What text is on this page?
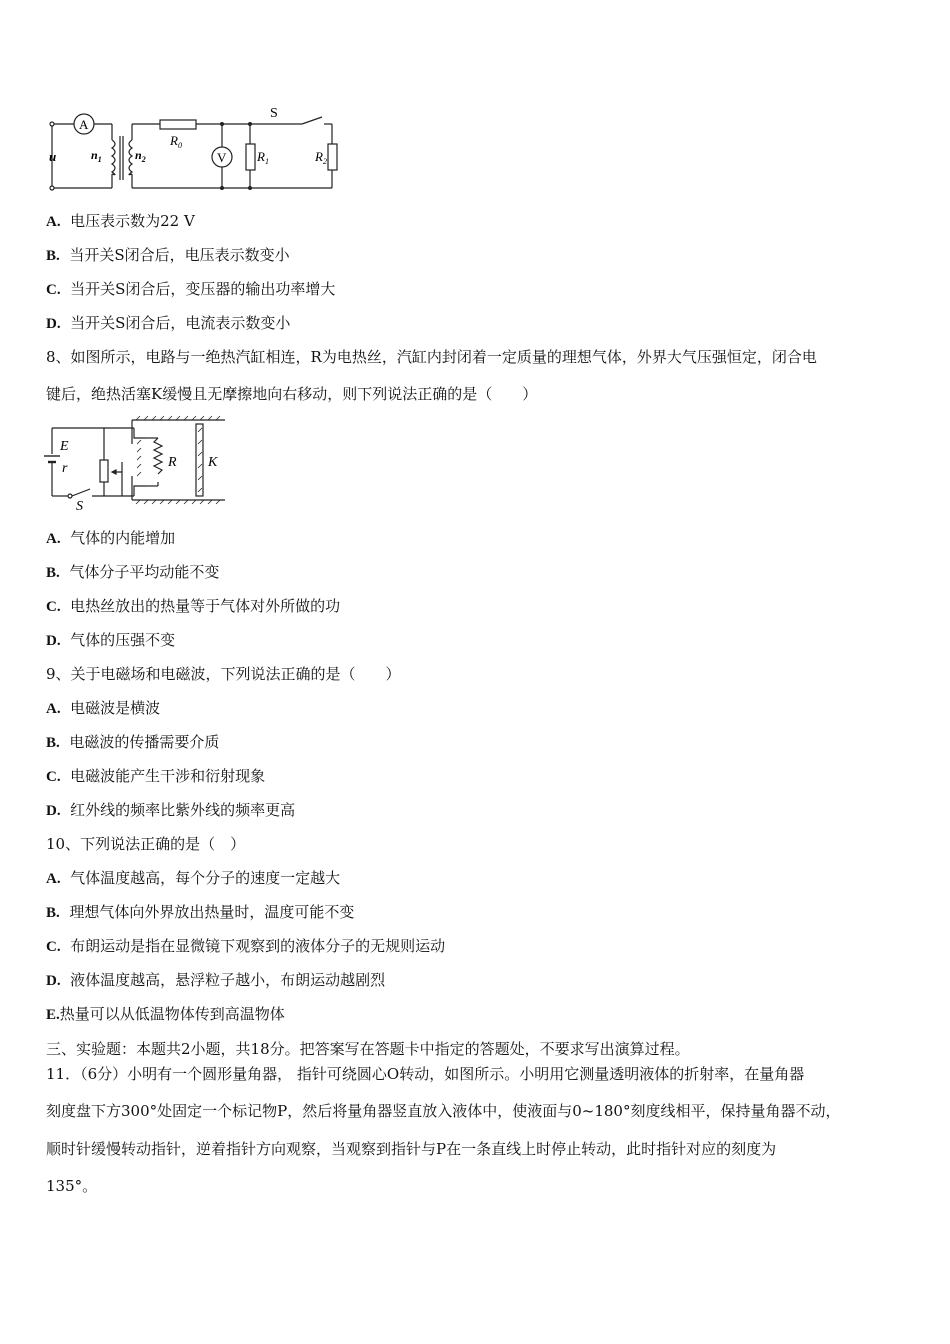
u
A
$n_1$	$n_2$
$R_0$
V $R_1$	$R_2$
S
A. 电压表示数为22 V
B. 当开关S闭合后，电压表示数变小
C. 当开关S闭合后，变压器的输出功率增大
D. 当开关S闭合后，电流表示数变小
8、如图所示，电路与一绝热汽缸相连，R为电热丝，汽缸内封闭着一定质量的理想气体，外界大气压强恒定，闭合电
键后，绝热活塞K缓慢且无摩擦地向右移动，则下列说法正确的是（　　）
E
r	R K
S
A. 气体的内能增加
B. 气体分子平均动能不变
C. 电热丝放出的热量等于气体对外所做的功
D. 气体的压强不变
9、关于电磁场和电磁波，下列说法正确的是（　　）
A. 电磁波是横波
B. 电磁波的传播需要介质
C. 电磁波能产生干涉和衍射现象
D. 红外线的频率比紫外线的频率更高
10、下列说法正确的是（　）
A. 气体温度越高，每个分子的速度一定越大
B. 理想气体向外界放出热量时，温度可能不变
C. 布朗运动是指在显微镜下观察到的液体分子的无规则运动
D. 液体温度越高，悬浮粒子越小，布朗运动越剧烈
E.热量可以从低温物体传到高温物体
三、实验题：本题共2小题，共18分。把答案写在答题卡中指定的答题处，不要求写出演算过程。
11．（6分）小明有一个圆形量角器， 指针可绕圆心O转动，如图所示。小明用它测量透明液体的折射率，在量角器
刻度盘下方300°处固定一个标记物P，然后将量角器竖直放入液体中，使液面与0~180°刻度线相平，保持量角器不动，
顺时针缓慢转动指针，逆着指针方向观察，当观察到指针与P在一条直线上时停止转动，此时指针对应的刻度为
135°。
